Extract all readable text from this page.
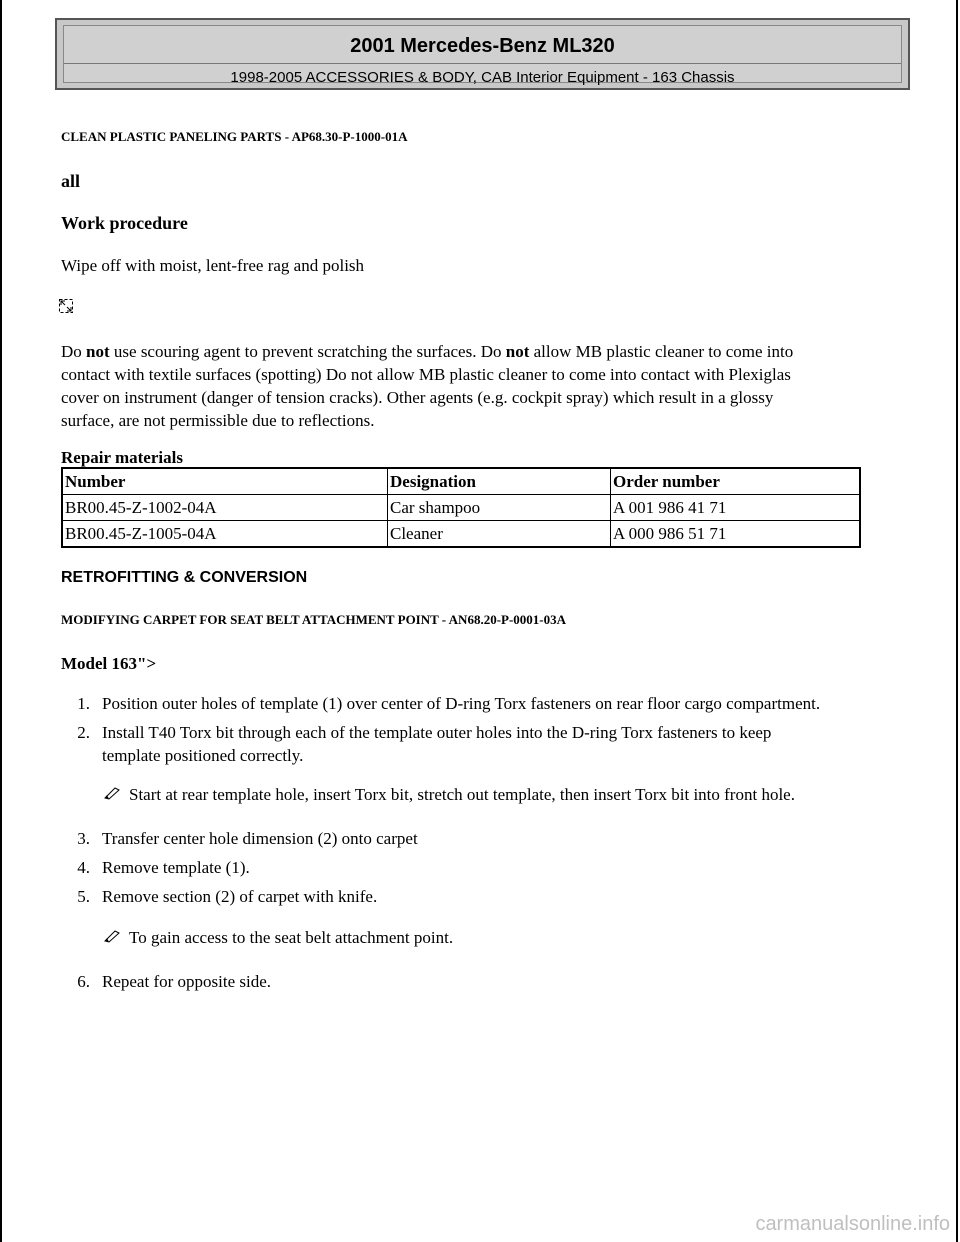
2001 Mercedes-Benz ML320
1998-2005 ACCESSORIES & BODY, CAB Interior Equipment - 163 Chassis
CLEAN PLASTIC PANELING PARTS - AP68.30-P-1000-01A
all
Work procedure
Wipe off with moist, lent-free rag and polish
Do not use scouring agent to prevent scratching the surfaces. Do not allow MB plastic cleaner to come into
contact with textile surfaces (spotting) Do not allow MB plastic cleaner to come into contact with Plexiglas
cover on instrument (danger of tension cracks). Other agents (e.g. cockpit spray) which result in a glossy
surface, are not permissible due to reflections.
Repair materials
Number	Designation	Order number
BR00.45-Z-1002-04A	Car shampoo	A 001 986 41 71
BR00.45-Z-1005-04A	Cleaner	A 000 986 51 71
RETROFITTING & CONVERSION
MODIFYING CARPET FOR SEAT BELT ATTACHMENT POINT - AN68.20-P-0001-03A
Model 163">
1. Position outer holes of template (1) over center of D-ring Torx fasteners on rear floor cargo compartment.
2. Install T40 Torx bit through each of the template outer holes into the D-ring Torx fasteners to keep
template positioned correctly.
Start at rear template hole, insert Torx bit, stretch out template, then insert Torx bit into front hole.
3. Transfer center hole dimension (2) onto carpet
4. Remove template (1).
5. Remove section (2) of carpet with knife.
To gain access to the seat belt attachment point.
6. Repeat for opposite side.
carmanualsonline.info
